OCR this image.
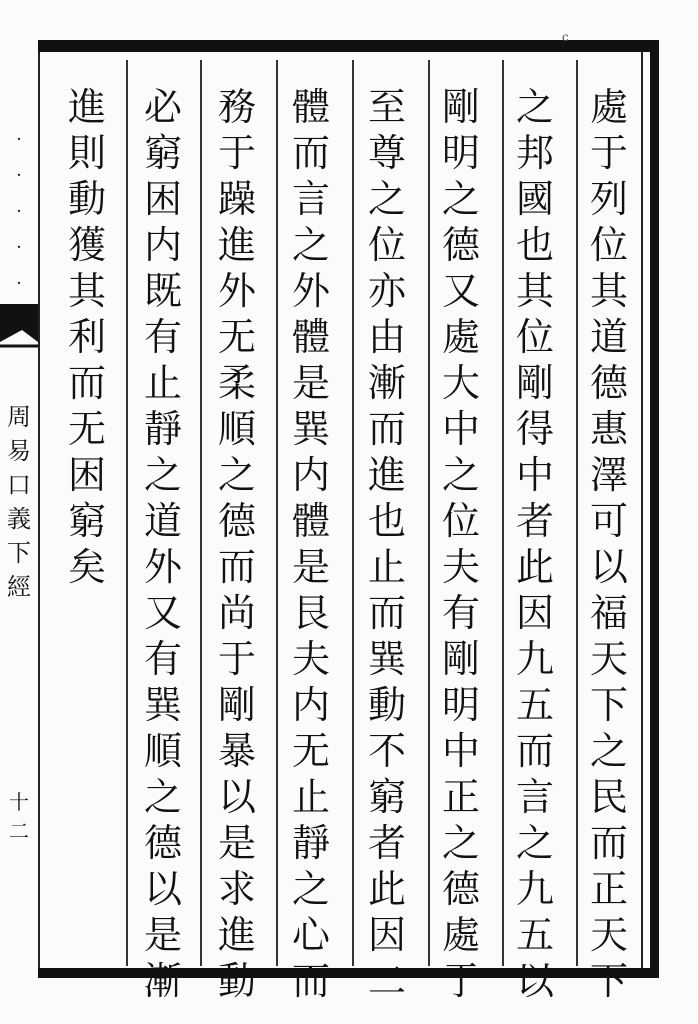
c
·
·
·
·
·
周
易
口
義
下
經
十二
處
于
列
位
其
道
德
惠
澤
可
以
福
天
下
之
民
而
正
天
下
之
邦
國
也
其
位
剛
得
中
者
此
因
九
五
而
言
之
九
五
以
剛
明
之
德
又
處
大
中
之
位
夫
有
剛
明
中
正
之
德
處
于
至
尊
之
位
亦
由
漸
而
進
也
止
而
巽
動
不
窮
者
此
因
二
體
而
言
之
外
體
是
巽
内
體
是
艮
夫
内
无
止
靜
之
心
而
務
于
躁
進
外
无
柔
順
之
德
而
尚
于
剛
暴
以
是
求
進
動
必
窮
困
内
既
有
止
靜
之
道
外
又
有
巽
順
之
德
以
是
漸
進
則
動
獲
其
利
而
无
困
窮
矣
